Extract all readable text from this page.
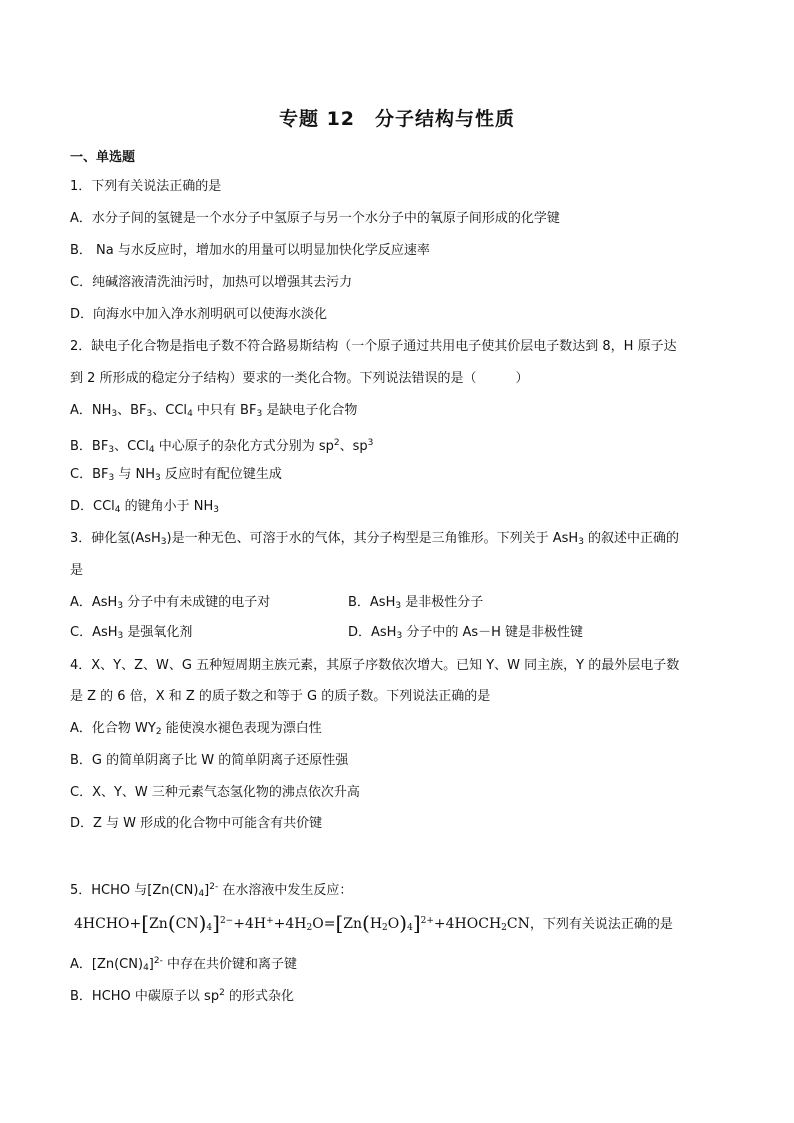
专题 12　分子结构与性质
一、单选题
1．下列有关说法正确的是
A．水分子间的氢键是一个水分子中氢原子与另一个水分子中的氧原子间形成的化学键
B． Na 与水反应时，增加水的用量可以明显加快化学反应速率
C．纯碱溶液清洗油污时，加热可以增强其去污力
D．向海水中加入净水剂明矾可以使海水淡化
2．缺电子化合物是指电子数不符合路易斯结构（一个原子通过共用电子使其价层电子数达到 8，H 原子达
到 2 所形成的稳定分子结构）要求的一类化合物。下列说法错误的是（　　　）
A．$NH_3$、$BF_3$、CCl$_4$ 中只有 $BF_3$ 是缺电子化合物
B．$BF_3$、CCl$_4$ 中心原子的杂化方式分别为 $sp^2$、$sp^3$
C．$BF_3$ 与 $NH_3$ 反应时有配位键生成
D．CCl$_4$ 的键角小于 $NH_3$
3．砷化氢(AsH$_3$)是一种无色、可溶于水的气体，其分子构型是三角锥形。下列关于 AsH$_3$ 的叙述中正确的
是
A．AsH$_3$ 分子中有未成键的电子对	B．AsH$_3$ 是非极性分子
C．AsH$_3$ 是强氧化剂	D．AsH$_3$ 分子中的 As－H 键是非极性键
4．X、Y、Z、W、G 五种短周期主族元素，其原子序数依次增大。已知 Y、W 同主族，Y 的最外层电子数
是 Z 的 6 倍，X 和 Z 的质子数之和等于 G 的质子数。下列说法正确的是
A．化合物 $WY_2$ 能使溴水褪色表现为漂白性
B．G 的简单阴离子比 W 的简单阴离子还原性强
C．X、Y、W 三种元素气态氢化物的沸点依次升高
D．Z 与 W 形成的化合物中可能含有共价键
5．HCHO 与$[Zn(CN)_4]^{2-}$ 在水溶液中发生反应：
$4HCHO+[Zn(CN)_4]^{2-}+4H^++4H_2O=[Zn(H_2O)_4]^{2+}+4HOCH_2CN$，下列有关说法正确的是
A．$[Zn(CN)_4]^{2-}$ 中存在共价键和离子键
B．HCHO 中碳原子以 $sp^2$ 的形式杂化
